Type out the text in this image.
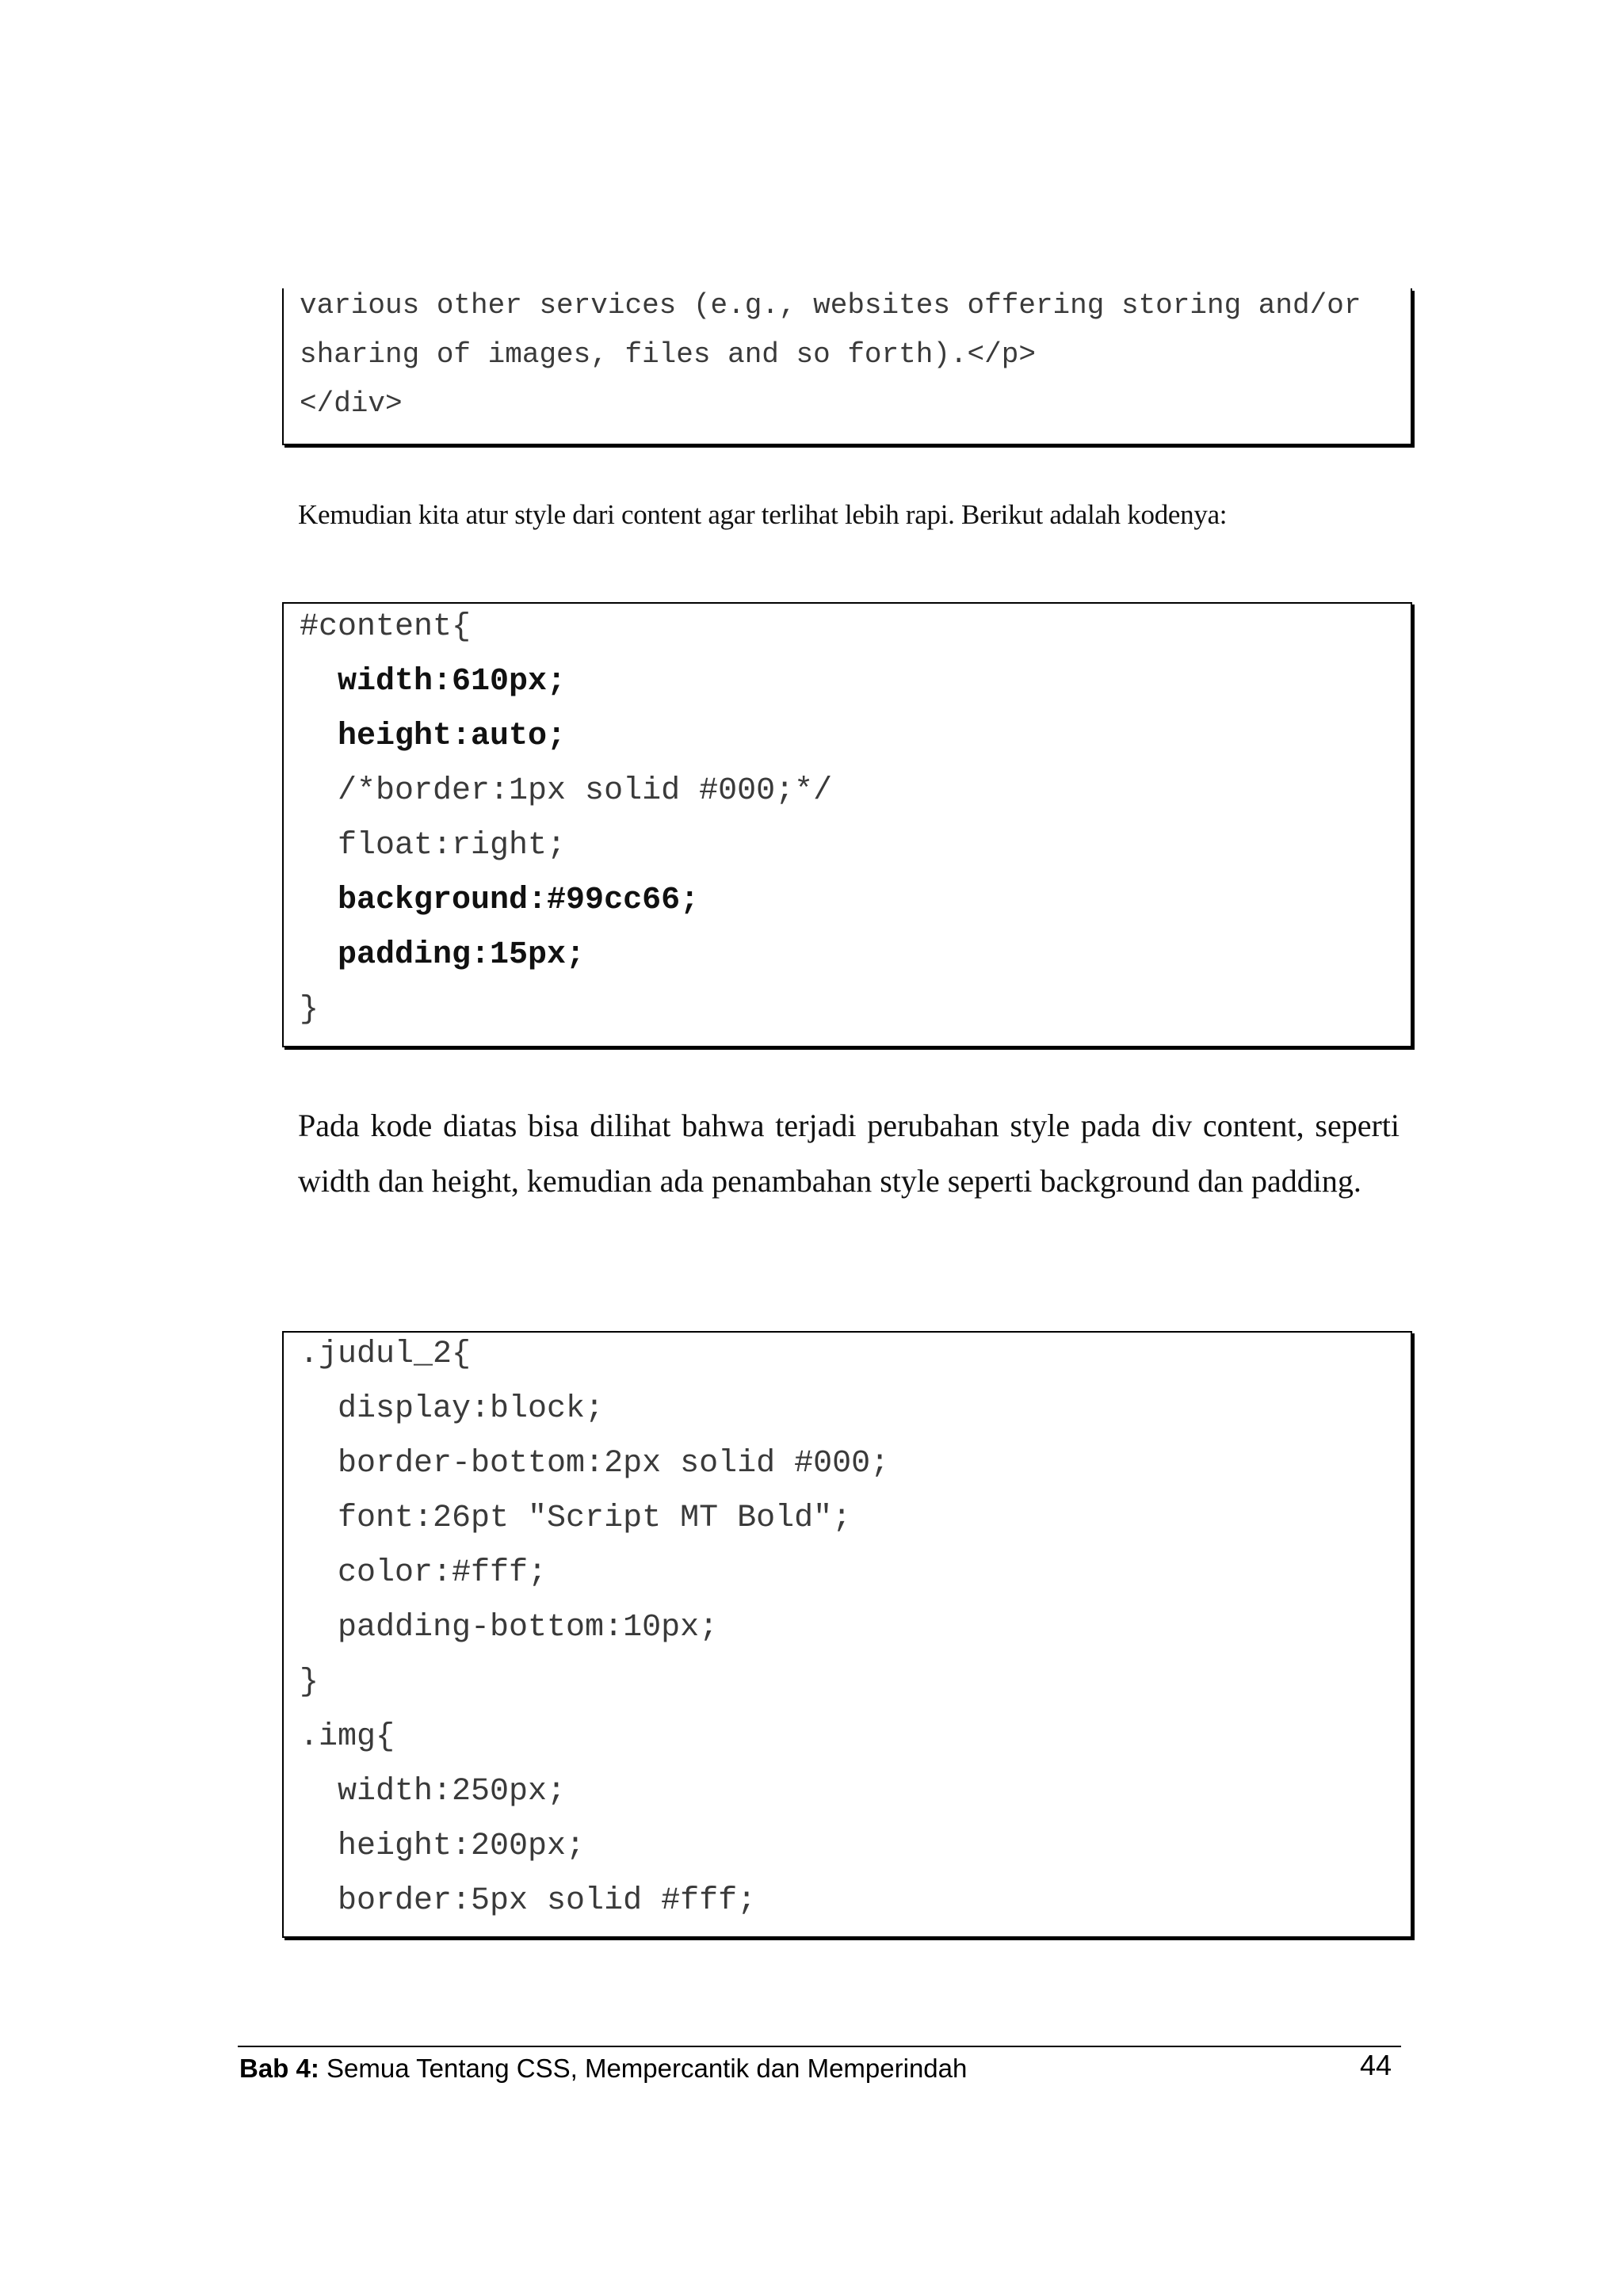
various other services (e.g., websites offering storing and/or
sharing of images, files and so forth).</p>
</div>

Kemudian kita atur style dari content agar terlihat lebih rapi. Berikut adalah kodenya:

#content{
width:610px;
height:auto;
/*border:1px solid #000;*/
float:right;
background:#99cc66;
padding:15px;
}

Pada kode diatas bisa dilihat bahwa terjadi perubahan style pada div content, seperti width dan height, kemudian ada penambahan style seperti background dan padding.

.judul_2{
display:block;
border-bottom:2px solid #000;
font:26pt "Script MT Bold";
color:#fff;
padding-bottom:10px;
}
.img{
width:250px;
height:200px;
border:5px solid #fff;

Bab 4: Semua Tentang CSS, Mempercantik dan Memperindah	44
